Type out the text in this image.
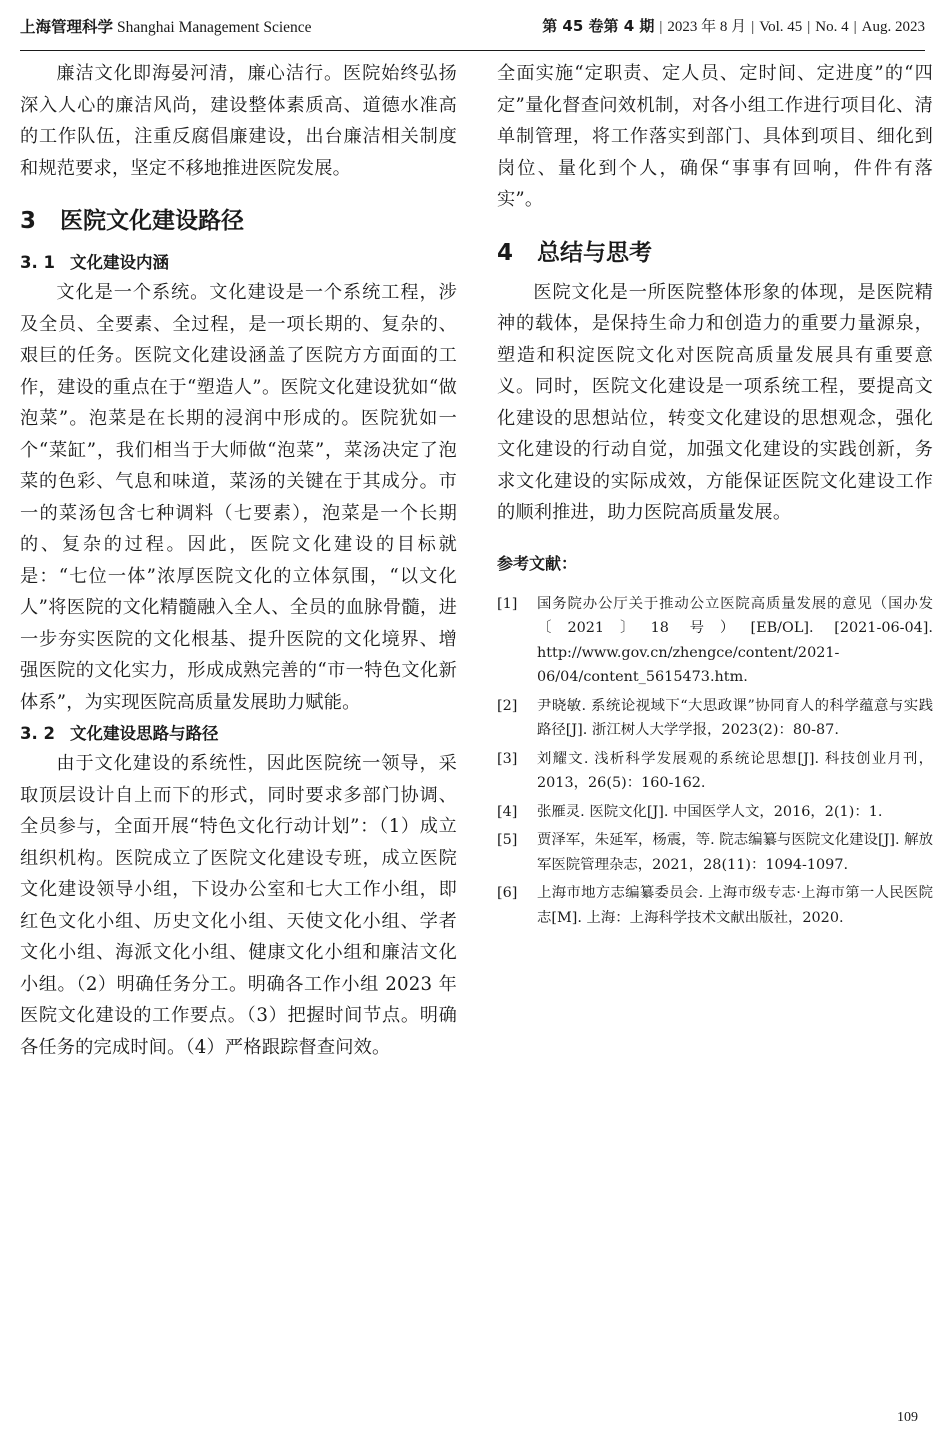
上海管理科学 Shanghai Management Science	第 45 卷第 4 期 | 2023 年 8 月 | Vol. 45 | No. 4 | Aug. 2023

廉洁文化即海晏河清，廉心洁行。医院始终弘扬深入人心的廉洁风尚，建设整体素质高、道德水准高的工作队伍，注重反腐倡廉建设，出台廉洁相关制度和规范要求，坚定不移地推进医院发展。

3 医院文化建设路径
3. 1 文化建设内涵

文化是一个系统。文化建设是一个系统工程，涉及全员、全要素、全过程，是一项长期的、复杂的、艰巨的任务。医院文化建设涵盖了医院方方面面的工作，建设的重点在于“塑造人”。医院文化建设犹如“做泡菜”。泡菜是在长期的浸润中形成的。医院犹如一个“菜缸”，我们相当于大师做“泡菜”，菜汤决定了泡菜的色彩、气息和味道，菜汤的关键在于其成分。市一的菜汤包含七种调料（七要素），泡菜是一个长期的、复杂的过程。因此，医院文化建设的目标就是：“七位一体”浓厚医院文化的立体氛围，“以文化人”将医院的文化精髓融入全人、全员的血脉骨髓，进一步夯实医院的文化根基、提升医院的文化境界、增强医院的文化实力，形成成熟完善的“市一特色文化新体系”，为实现医院高质量发展助力赋能。

3. 2 文化建设思路与路径

由于文化建设的系统性，因此医院统一领导，采取顶层设计自上而下的形式，同时要求多部门协调、全员参与，全面开展“特色文化行动计划”：（1）成立组织机构。医院成立了医院文化建设专班，成立医院文化建设领导小组，下设办公室和七大工作小组，即红色文化小组、历史文化小组、天使文化小组、学者文化小组、海派文化小组、健康文化小组和廉洁文化小组。（2）明确任务分工。明确各工作小组 2023 年医院文化建设的工作要点。（3）把握时间节点。明确各任务的完成时间。（4）严格跟踪督查问效。

全面实施“定职责、定人员、定时间、定进度”的“四定”量化督查问效机制，对各小组工作进行项目化、清单制管理，将工作落实到部门、具体到项目、细化到岗位、量化到个人，确保“事事有回响，件件有落实”。

4 总结与思考

医院文化是一所医院整体形象的体现，是医院精神的载体，是保持生命力和创造力的重要力量源泉，塑造和积淀医院文化对医院高质量发展具有重要意义。同时，医院文化建设是一项系统工程，要提高文化建设的思想站位，转变文化建设的思想观念，强化文化建设的行动自觉，加强文化建设的实践创新，务求文化建设的实际成效，方能保证医院文化建设工作的顺利推进，助力医院高质量发展。

参考文献：

[1] 国务院办公厅关于推动公立医院高质量发展的意见（国办发〔2021〕18 号）[EB/OL]. [2021-06-04]. http://www.gov.cn/zhengce/content/2021-06/04/content_5615473.htm.

[2] 尹晓敏. 系统论视域下“大思政课”协同育人的科学蕴意与实践路径[J]. 浙江树人大学学报，2023(2)：80-87.

[3] 刘耀文. 浅析科学发展观的系统论思想[J]. 科技创业月刊，2013，26(5)：160-162.

[4] 张雁灵. 医院文化[J]. 中国医学人文，2016，2(1)：1.

[5] 贾泽军，朱延军，杨震，等. 院志编纂与医院文化建设[J]. 解放军医院管理杂志，2021，28(11)：1094-1097.

[6] 上海市地方志编纂委员会. 上海市级专志·上海市第一人民医院志[M]. 上海：上海科学技术文献出版社，2020.

109
